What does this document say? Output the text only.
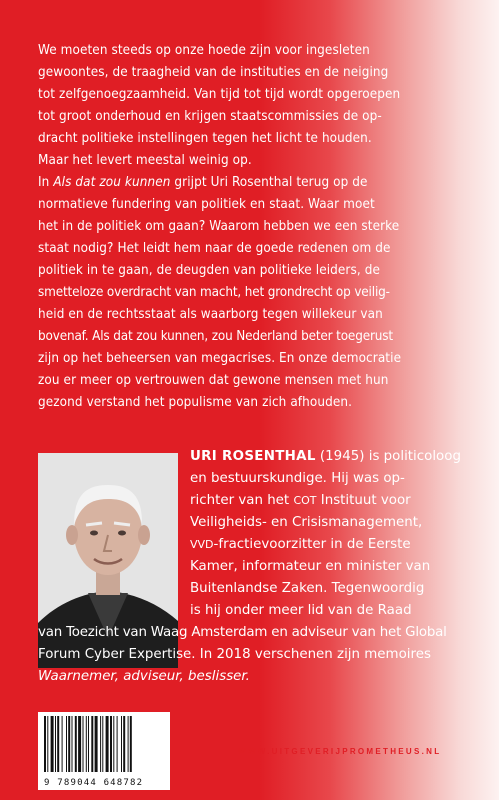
We moeten steeds op onze hoede zijn voor ingesleten

gewoontes, de traagheid van de instituties en de neiging

tot zelfgenoegzaamheid. Van tijd tot tijd wordt opgeroepen

tot groot onderhoud en krijgen staatscommissies de op-

dracht politieke instellingen tegen het licht te houden.

Maar het levert meestal weinig op.

In Als dat zou kunnen grijpt Uri Rosenthal terug op de

normatieve fundering van politiek en staat. Waar moet

het in de politiek om gaan? Waarom hebben we een sterke

staat nodig? Het leidt hem naar de goede redenen om de

politiek in te gaan, de deugden van politieke leiders, de

smetteloze overdracht van macht, het grondrecht op veilig-

heid en de rechtsstaat als waarborg tegen willekeur van

bovenaf. Als dat zou kunnen, zou Nederland beter toegerust

zijn op het beheersen van megacrises. En onze democratie

zou er meer op vertrouwen dat gewone mensen met hun

gezond verstand het populisme van zich afhouden.

URI ROSENTHAL (1945) is politicoloog

en bestuurskundige. Hij was op-

richter van het COT Instituut voor

Veiligheids- en Crisismanagement,

VVD-fractievoorzitter in de Eerste

Kamer, informateur en minister van

Buitenlandse Zaken. Tegenwoordig

is hij onder meer lid van de Raad

van Toezicht van Waag Amsterdam en adviseur van het Global

Forum Cyber Expertise. In 2018 verschenen zijn memoires

Waarnemer, adviseur, beslisser.

9 789044 648782
WWW.UITGEVERIJPROMETHEUS.NL
